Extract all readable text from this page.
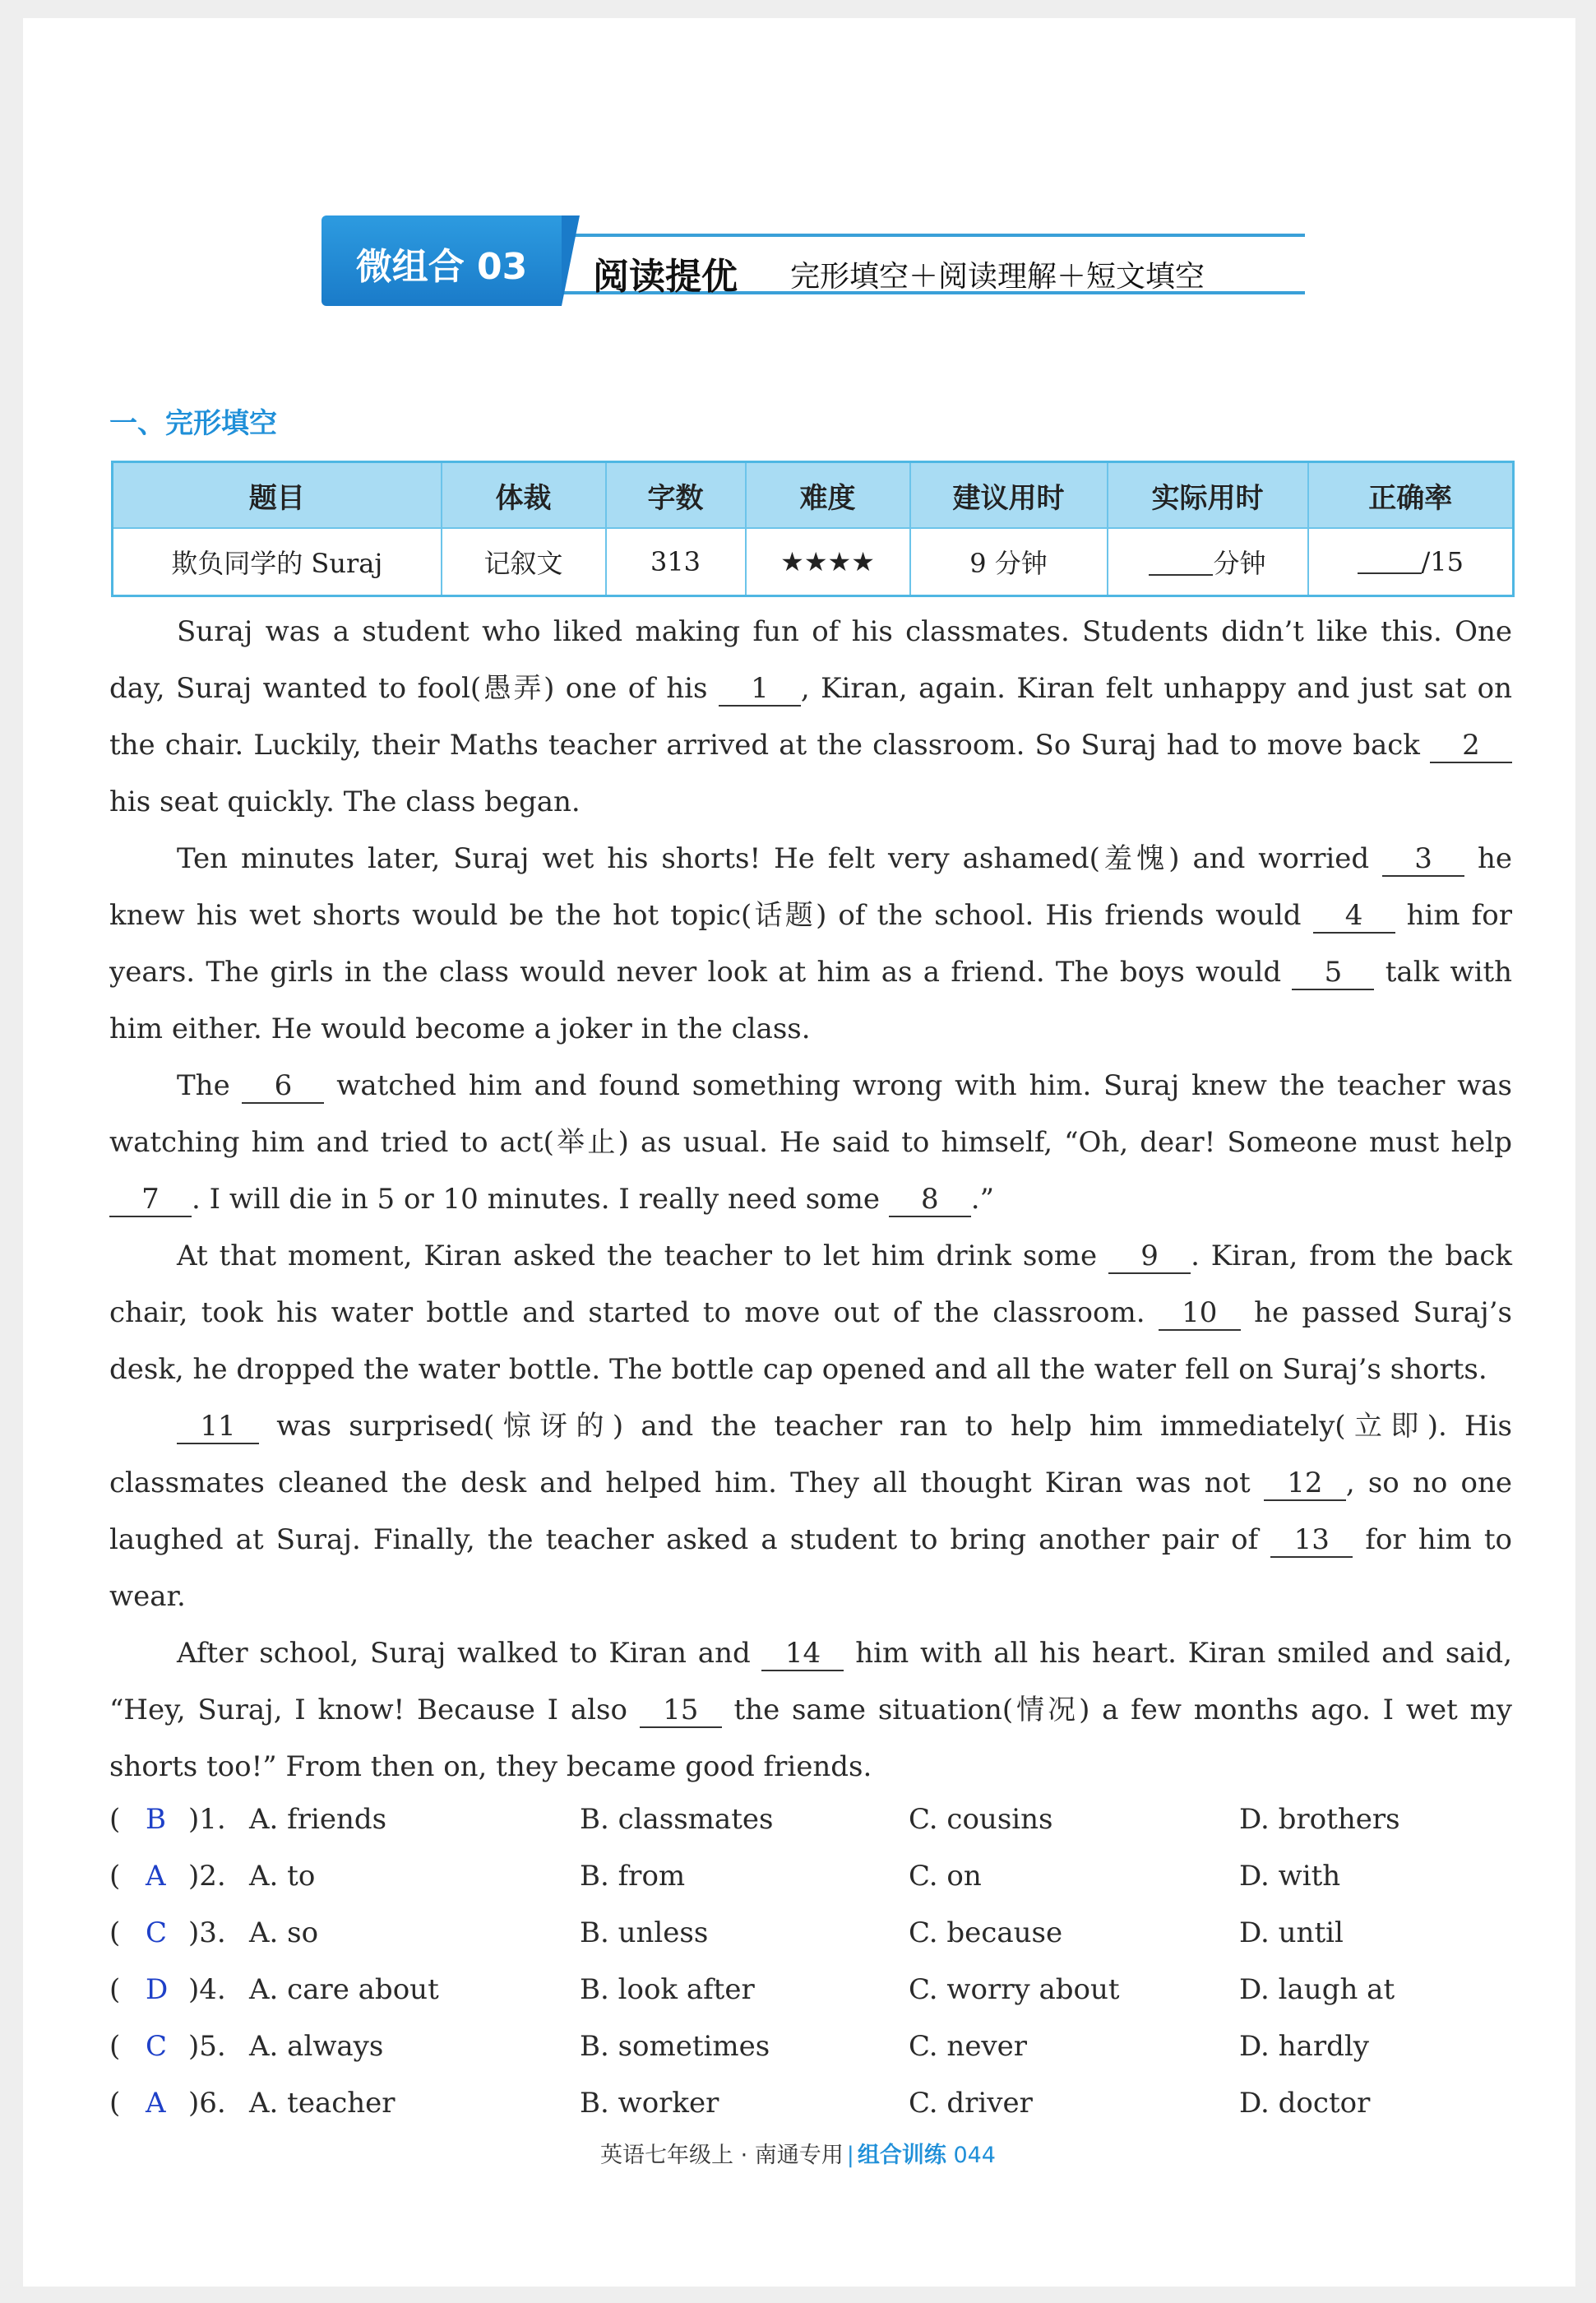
微组合 03	阅读提优 完形填空＋阅读理解＋短文填空
一、完形填空
题目	体裁	字数	难度	建议用时	实际用时	正确率
欺负同学的 Suraj	记叙文	313	★★★★	9 分钟	分钟	/15

Suraj was a student who liked making fun of his classmates. Students didn’t like this. One day, Suraj wanted to fool(愚弄) one of his 1 , Kiran, again. Kiran felt unhappy and just sat on the chair. Luckily, their Maths teacher arrived at the classroom. So Suraj had to move back 2 his seat quickly. The class began.

Ten minutes later, Suraj wet his shorts! He felt very ashamed(羞愧) and worried 3 he knew his wet shorts would be the hot topic(话题) of the school. His friends would 4 him for years. The girls in the class would never look at him as a friend. The boys would 5 talk with him either. He would become a joker in the class.

The 6 watched him and found something wrong with him. Suraj knew the teacher was watching him and tried to act(举止) as usual. He said to himself, “Oh, dear! Someone must help 7 . I will die in 5 or 10 minutes. I really need some 8 .”

At that moment, Kiran asked the teacher to let him drink some 9 . Kiran, from the back chair, took his water bottle and started to move out of the classroom. 10 he passed Suraj’s desk, he dropped the water bottle. The bottle cap opened and all the water fell on Suraj’s shorts.

11 was surprised(惊讶的) and the teacher ran to help him immediately(立即). His classmates cleaned the desk and helped him. They all thought Kiran was not 12 , so no one laughed at Suraj. Finally, the teacher asked a student to bring another pair of 13 for him to wear.

After school, Suraj walked to Kiran and 14 him with all his heart. Kiran smiled and said, “Hey, Suraj, I know! Because I also 15 the same situation(情况) a few months ago. I wet my shorts too!” From then on, they became good friends.

( B )1. A. friends	B. classmates	C. cousins	D. brothers
( A )2. A. to	B. from	C. on	D. with
( C )3. A. so	B. unless	C. because	D. until
( D )4. A. care about	B. look after	C. worry about	D. laugh at
( C )5. A. always	B. sometimes	C. never	D. hardly
( A )6. A. teacher	B. worker	C. driver	D. doctor
英语七年级上 · 南通专用 | 组合训练 044
